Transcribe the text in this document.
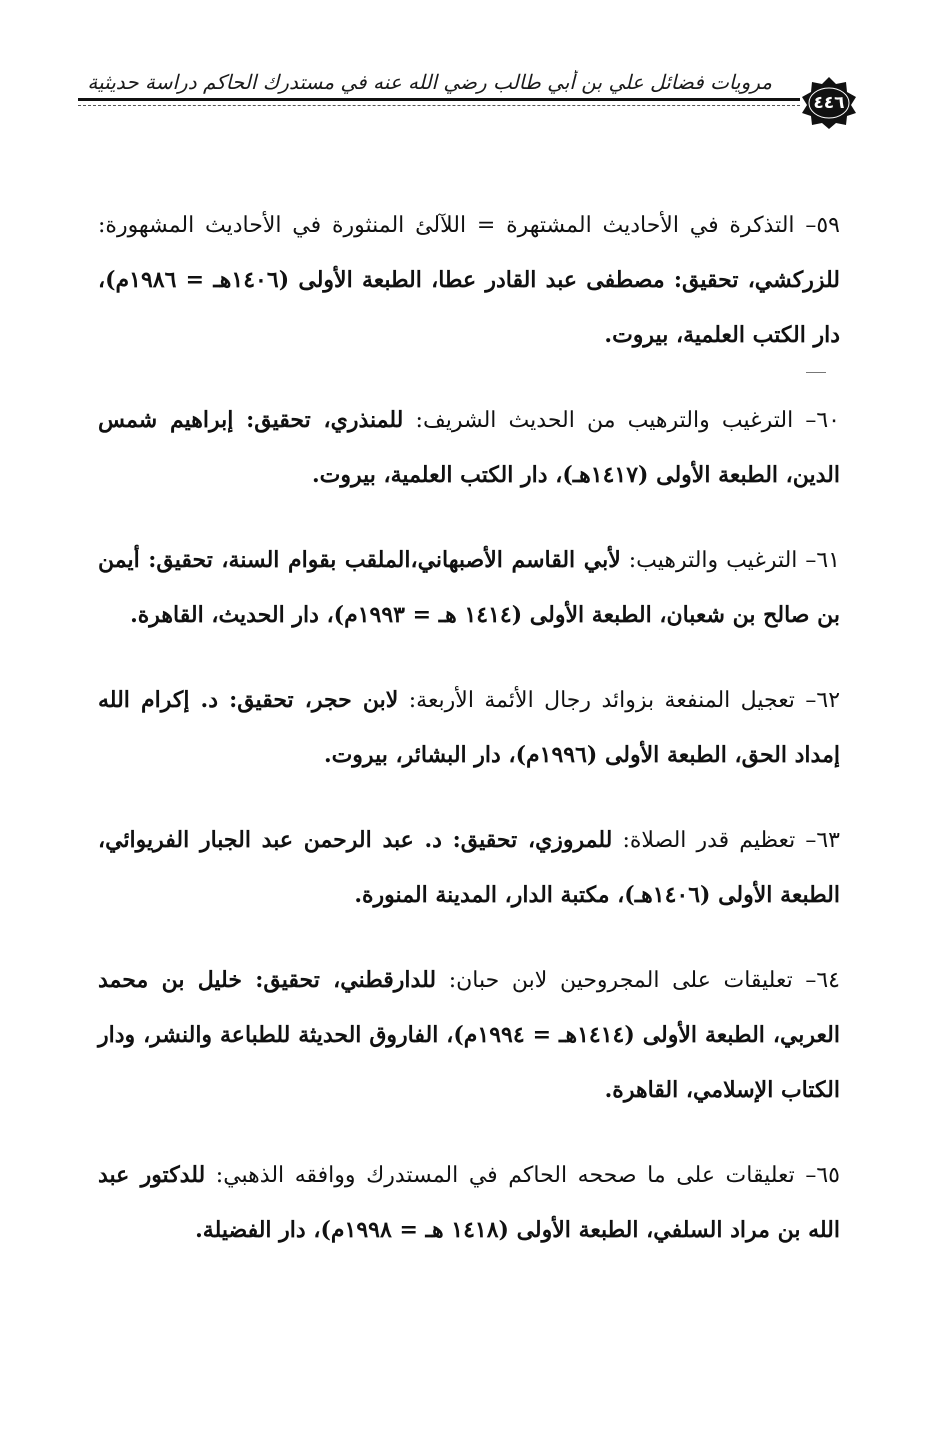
مرويات فضائل علي بن أبي طالب رضي الله عنه في مستدرك الحاكم دراسة حديثية
٤٤٦

٥٩– التذكرة في الأحاديث المشتهرة = اللآلئ المنثورة في الأحاديث المشهورة: للزركشي، تحقيق: مصطفى عبد القادر عطا، الطبعة الأولى (١٤٠٦هـ = ١٩٨٦م)، دار الكتب العلمية، بيروت.

٦٠– الترغيب والترهيب من الحديث الشريف: للمنذري، تحقيق: إبراهيم شمس الدين، الطبعة الأولى (١٤١٧هـ)، دار الكتب العلمية، بيروت.

٦١– الترغيب والترهيب: لأبي القاسم الأصبهاني،الملقب بقوام السنة، تحقيق: أيمن بن صالح بن شعبان، الطبعة الأولى (١٤١٤ هـ = ١٩٩٣م)، دار الحديث، القاهرة.

٦٢– تعجيل المنفعة بزوائد رجال الأئمة الأربعة: لابن حجر، تحقيق: د. إكرام الله إمداد الحق، الطبعة الأولى (١٩٩٦م)، دار البشائر، بيروت.

٦٣– تعظيم قدر الصلاة: للمروزي، تحقيق: د. عبد الرحمن عبد الجبار الفريوائي، الطبعة الأولى (١٤٠٦هـ)، مكتبة الدار، المدينة المنورة.

٦٤– تعليقات على المجروحين لابن حبان: للدارقطني، تحقيق: خليل بن محمد العربي، الطبعة الأولى (١٤١٤هـ = ١٩٩٤م)، الفاروق الحديثة للطباعة والنشر، ودار الكتاب الإسلامي، القاهرة.

٦٥– تعليقات على ما صححه الحاكم في المستدرك ووافقه الذهبي: للدكتور عبد الله بن مراد السلفي، الطبعة الأولى (١٤١٨ هـ = ١٩٩٨م)، دار الفضيلة.
